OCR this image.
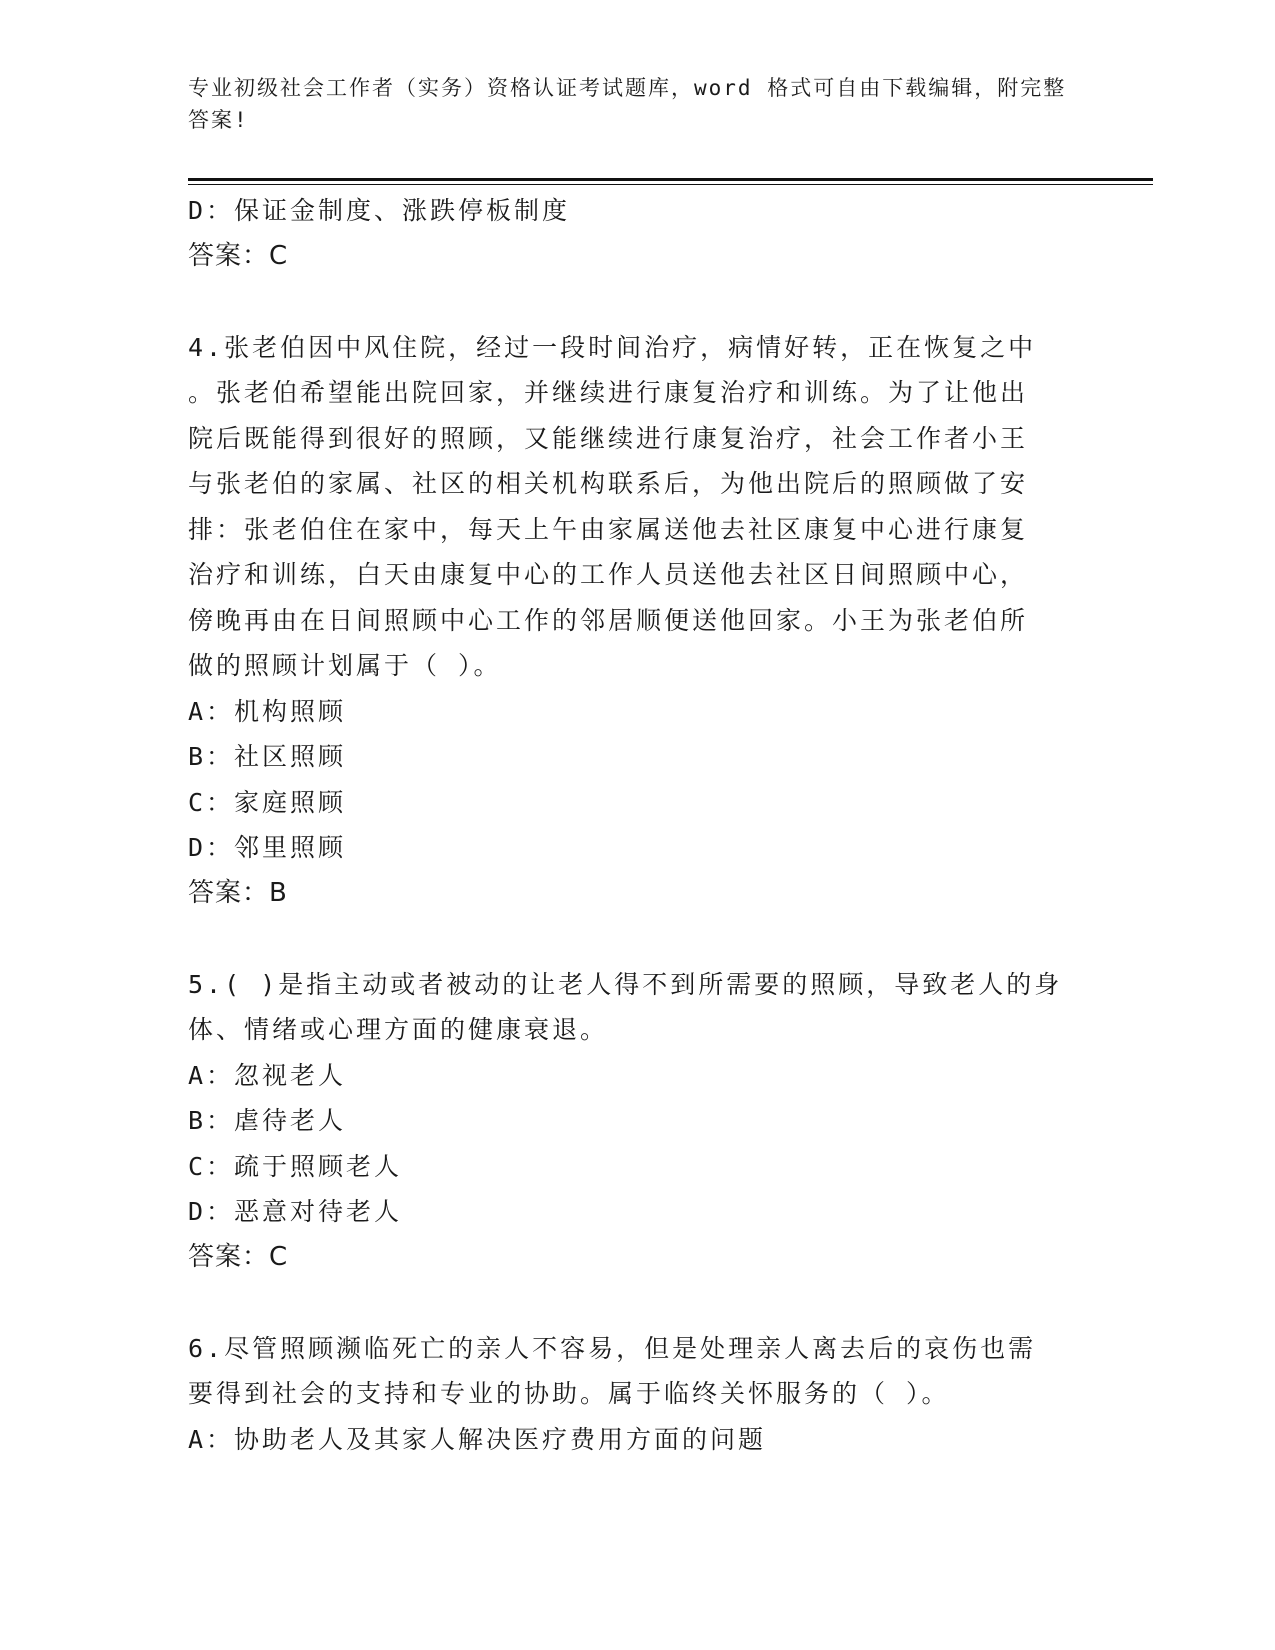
专业初级社会工作者（实务）资格认证考试题库，word 格式可自由下载编辑，附完整答案!
D：保证金制度、涨跌停板制度
答案：C
4.张老伯因中风住院，经过一段时间治疗，病情好转，正在恢复之中
。张老伯希望能出院回家，并继续进行康复治疗和训练。为了让他出
院后既能得到很好的照顾，又能继续进行康复治疗，社会工作者小王
与张老伯的家属、社区的相关机构联系后，为他出院后的照顾做了安
排：张老伯住在家中，每天上午由家属送他去社区康复中心进行康复
治疗和训练，白天由康复中心的工作人员送他去社区日间照顾中心，
傍晚再由在日间照顾中心工作的邻居顺便送他回家。小王为张老伯所
做的照顾计划属于（ ）。
A：机构照顾
B：社区照顾
C：家庭照顾
D：邻里照顾
答案：B
5.( )是指主动或者被动的让老人得不到所需要的照顾，导致老人的身
体、情绪或心理方面的健康衰退。
A：忽视老人
B：虐待老人
C：疏于照顾老人
D：恶意对待老人
答案：C
6.尽管照顾濒临死亡的亲人不容易，但是处理亲人离去后的哀伤也需
要得到社会的支持和专业的协助。属于临终关怀服务的（ ）。
A：协助老人及其家人解决医疗费用方面的问题
